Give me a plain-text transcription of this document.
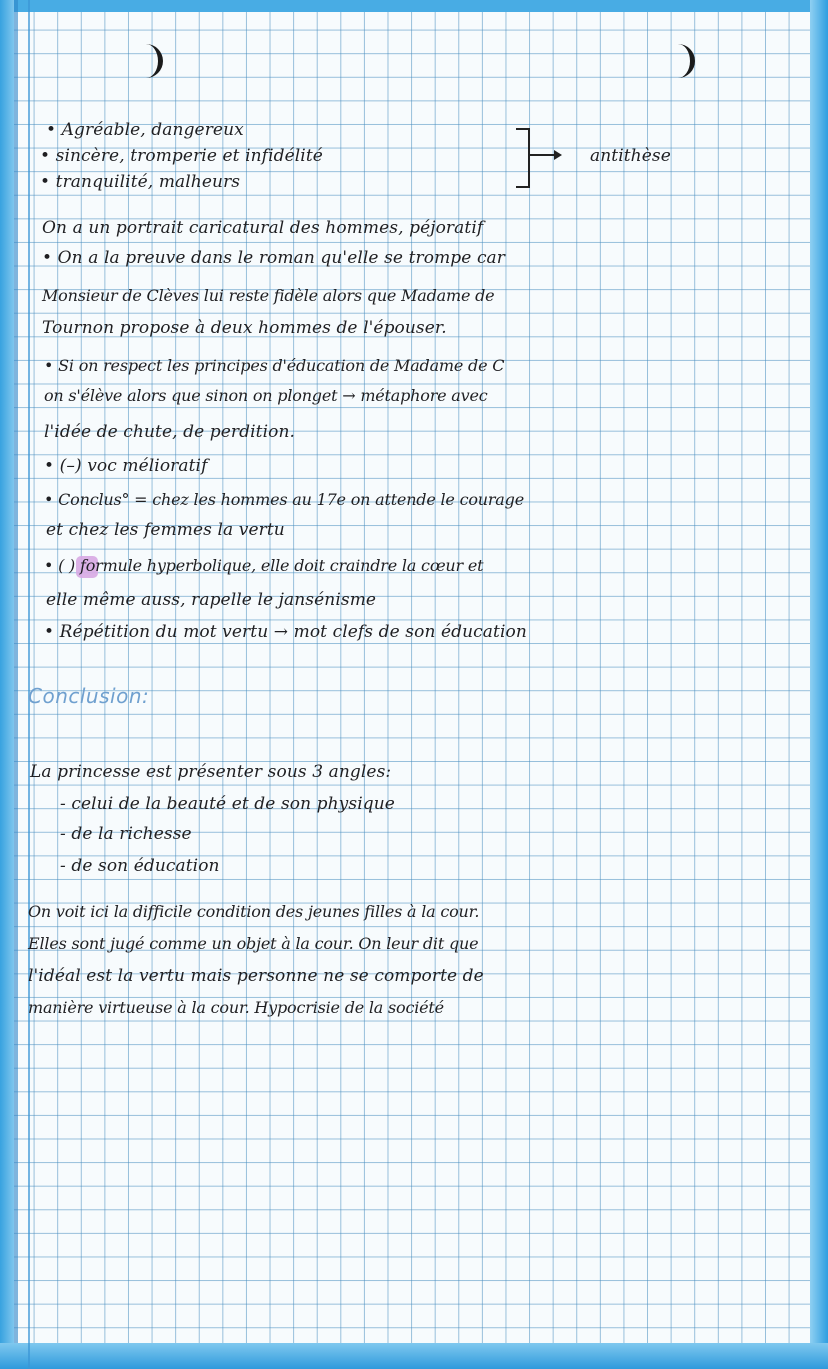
• Agréable, dangereux

• sincère, tromperie et infidélité

• tranquilité, malheurs

antithèse

On a un portrait caricatural des hommes, péjoratif

• On a la preuve dans le roman qu'elle se trompe car

Monsieur de Clèves lui reste fidèle alors que Madame de

Tournon propose à deux hommes de l'épouser.

• Si on respect les principes d'éducation de Madame de C

on s'élève alors que sinon on plonget → métaphore avec

l'idée de chute, de perdition.

• (–) voc mélioratif

• Conclus° = chez les hommes au 17e on attende le courage

et chez les femmes la vertu

• ( ) formule hyperbolique, elle doit craindre la cœur et

elle même auss, rapelle le jansénisme

• Répétition du mot vertu → mot clefs de son éducation

Conclusion:

La princesse est présenter sous 3 angles:

- celui de la beauté et de son physique

- de la richesse

- de son éducation

On voit ici la difficile condition des jeunes filles à la cour.

Elles sont jugé comme un objet à la cour. On leur dit que

l'idéal est la vertu mais personne ne se comporte de

manière virtueuse à la cour. Hypocrisie de la société
